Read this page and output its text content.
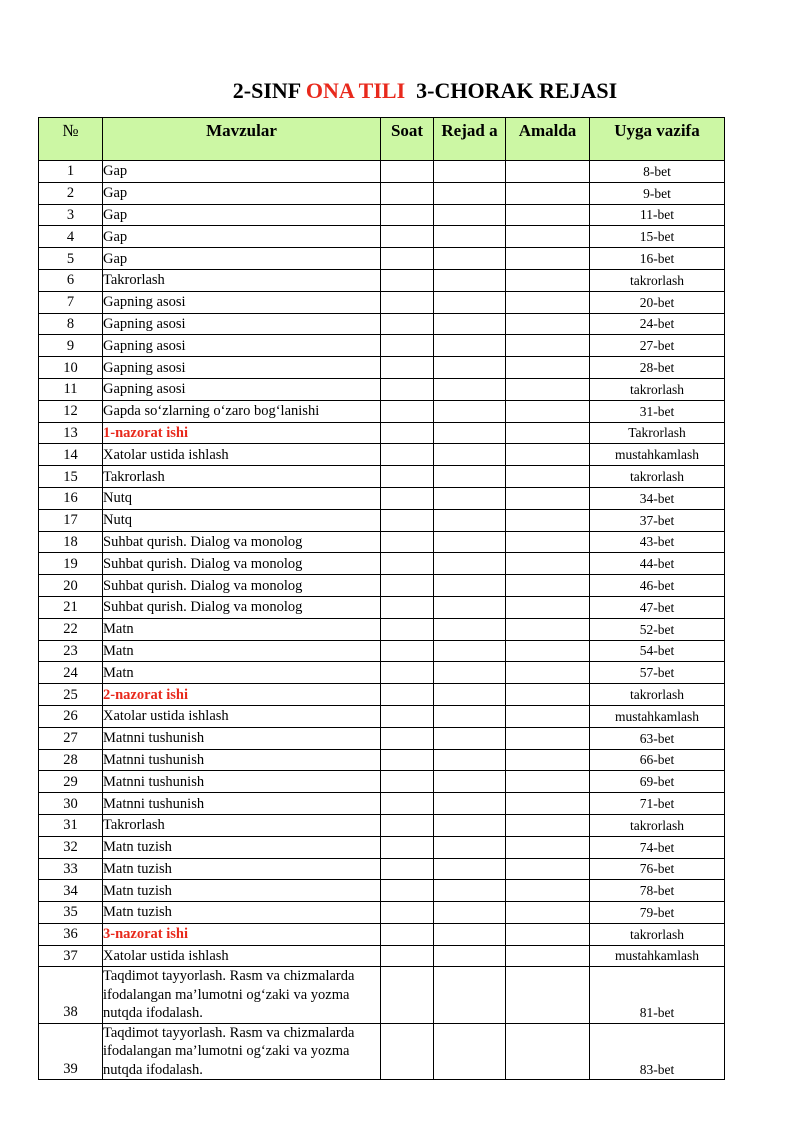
2-SINF ONA TILI  3-CHORAK REJASI
№	Mavzular	Soat	Rejad a	Amalda	Uyga vazifa
1	Gap				8-bet
2	Gap				9-bet
3	Gap				11-bet
4	Gap				15-bet
5	Gap				16-bet
6	Takrorlash				takrorlash
7	Gapning asosi				20-bet
8	Gapning asosi				24-bet
9	Gapning asosi				27-bet
10	Gapning asosi				28-bet
11	Gapning asosi				takrorlash
12	Gapda so‘zlarning o‘zaro bog‘lanishi				31-bet
13	1-nazorat ishi				Takrorlash
14	Xatolar ustida ishlash				mustahkamlash
15	Takrorlash				takrorlash
16	Nutq				34-bet
17	Nutq				37-bet
18	Suhbat qurish. Dialog va monolog				43-bet
19	Suhbat qurish. Dialog va monolog				44-bet
20	Suhbat qurish. Dialog va monolog				46-bet
21	Suhbat qurish. Dialog va monolog				47-bet
22	Matn				52-bet
23	Matn				54-bet
24	Matn				57-bet
25	2-nazorat ishi				takrorlash
26	Xatolar ustida ishlash				mustahkamlash
27	Matnni tushunish				63-bet
28	Matnni tushunish				66-bet
29	Matnni tushunish				69-bet
30	Matnni tushunish				71-bet
31	Takrorlash				takrorlash
32	Matn tuzish				74-bet
33	Matn tuzish				76-bet
34	Matn tuzish				78-bet
35	Matn tuzish				79-bet
36	3-nazorat ishi				takrorlash
37	Xatolar ustida ishlash				mustahkamlash
38	Taqdimot tayyorlash. Rasm va chizmalarda ifodalangan ma’lumotni og‘zaki va yozma nutqda ifodalash.				81-bet
39	Taqdimot tayyorlash. Rasm va chizmalarda ifodalangan ma’lumotni og‘zaki va yozma nutqda ifodalash.				83-bet
